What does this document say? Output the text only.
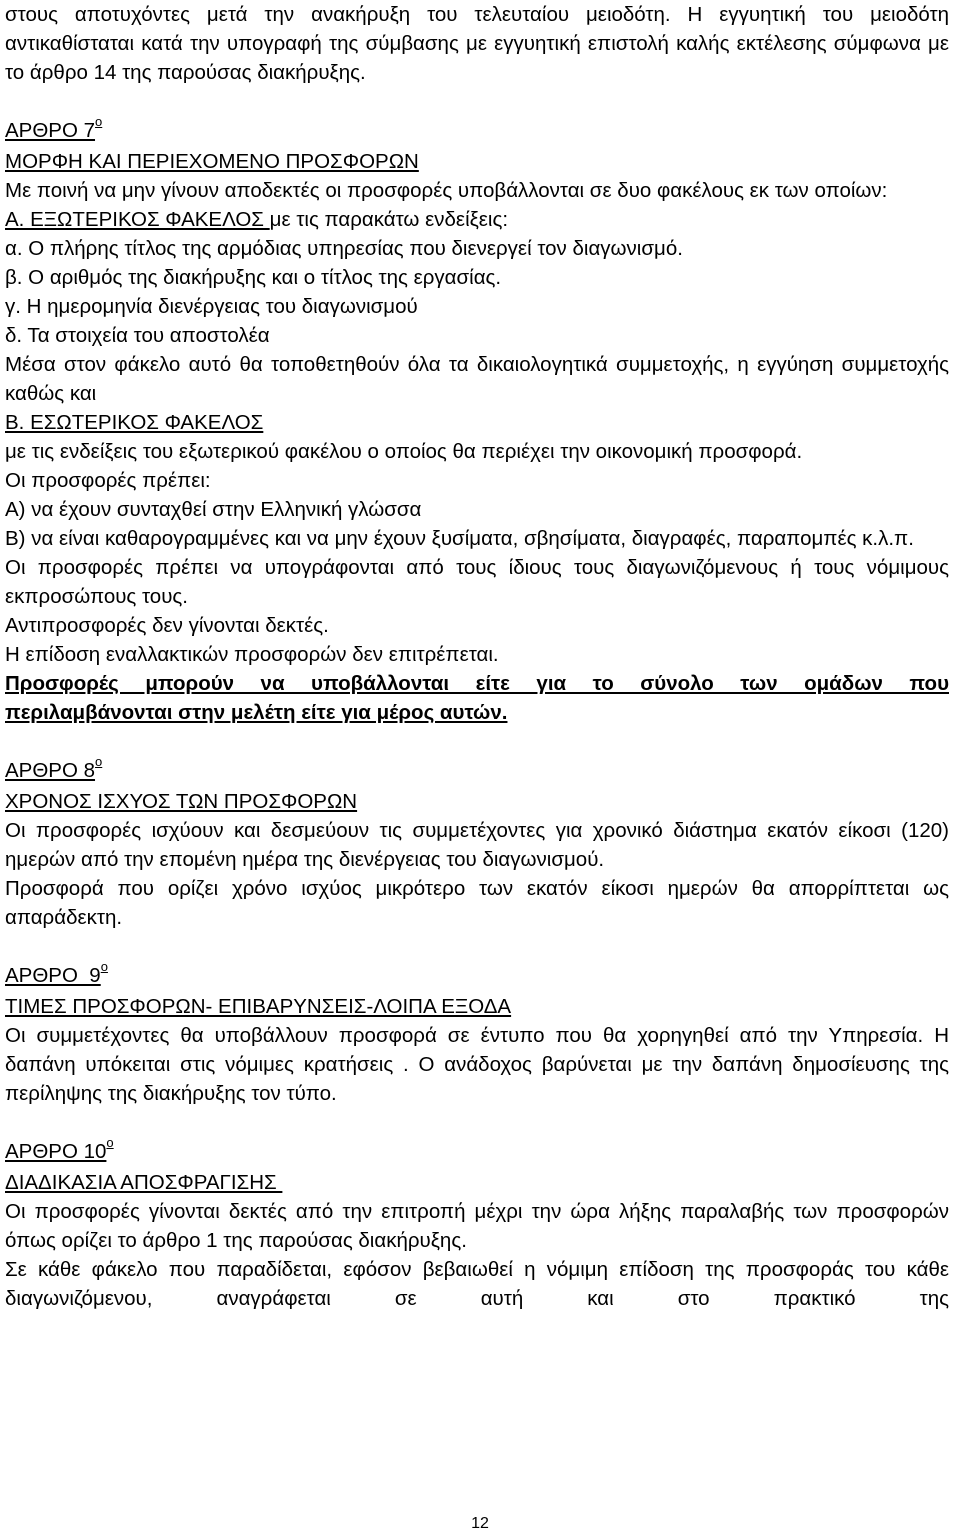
στους αποτυχόντες μετά την ανακήρυξη του τελευταίου μειοδότη. Η εγγυητική του μειοδότη αντικαθίσταται κατά την υπογραφή της σύμβασης με εγγυητική επιστολή καλής εκτέλεσης σύμφωνα με το άρθρο 14 της παρούσας διακήρυξης.

ΑΡΘΡΟ $7^o$

ΜΟΡΦΗ ΚΑΙ ΠΕΡΙΕΧΟΜΕΝΟ ΠΡΟΣΦΟΡΩΝ

Με ποινή να μην γίνουν αποδεκτές οι προσφορές υποβάλλονται σε δυο φακέλους εκ των οποίων:

Α. ΕΞΩΤΕΡΙΚΟΣ ΦΑΚΕΛΟΣ με τις παρακάτω ενδείξεις:

α. Ο πλήρης τίτλος της αρμόδιας υπηρεσίας που διενεργεί τον διαγωνισμό.

β. Ο αριθμός της διακήρυξης και ο τίτλος της εργασίας.

γ. Η ημερομηνία διενέργειας του διαγωνισμού

δ. Τα στοιχεία του αποστολέα

Μέσα στον φάκελο αυτό θα τοποθετηθούν όλα τα δικαιολογητικά συμμετοχής, η εγγύηση συμμετοχής καθώς και

Β. ΕΣΩΤΕΡΙΚΟΣ ΦΑΚΕΛΟΣ

με τις ενδείξεις του εξωτερικού φακέλου ο οποίος θα περιέχει την οικονομική προσφορά.

Οι προσφορές πρέπει:

Α) να έχουν συνταχθεί στην Ελληνική γλώσσα

Β) να είναι καθαρογραμμένες και να μην έχουν ξυσίματα, σβησίματα, διαγραφές, παραπομπές κ.λ.π.

Οι προσφορές πρέπει να υπογράφονται από τους ίδιους τους διαγωνιζόμενους ή τους νόμιμους εκπροσώπους τους.

Αντιπροσφορές δεν γίνονται δεκτές.

Η επίδοση εναλλακτικών προσφορών δεν επιτρέπεται.

Προσφορές μπορούν να υποβάλλονται είτε για το σύνολο των ομάδων που

περιλαμβάνονται στην μελέτη είτε για μέρος αυτών.

ΑΡΘΡΟ $8^o$

ΧΡΟΝΟΣ ΙΣΧΥΟΣ ΤΩΝ ΠΡΟΣΦΟΡΩΝ

Οι προσφορές ισχύουν και δεσμεύουν τις συμμετέχοντες για χρονικό διάστημα εκατόν είκοσι (120) ημερών από την επομένη ημέρα της διενέργειας του διαγωνισμού.

Προσφορά που ορίζει χρόνο ισχύος μικρότερο των εκατόν είκοσι ημερών θα απορρίπτεται ως απαράδεκτη.

ΑΡΘΡΟ  $9^o$

ΤΙΜΕΣ ΠΡΟΣΦΟΡΩΝ- ΕΠΙΒΑΡΥΝΣΕΙΣ-ΛΟΙΠΑ ΕΞΟΔΑ

Οι συμμετέχοντες θα υποβάλλουν προσφορά σε έντυπο που θα χορηγηθεί από την Υπηρεσία. Η δαπάνη υπόκειται στις νόμιμες κρατήσεις . Ο ανάδοχος βαρύνεται με την δαπάνη δημοσίευσης της περίληψης της διακήρυξης τον τύπο.

ΑΡΘΡΟ $10^o$

ΔΙΑΔΙΚΑΣΙΑ ΑΠΟΣΦΡΑΓΙΣΗΣ

Οι προσφορές γίνονται δεκτές από την επιτροπή μέχρι την ώρα λήξης παραλαβής των προσφορών όπως ορίζει το άρθρο 1 της παρούσας διακήρυξης.

Σε κάθε φάκελο που παραδίδεται, εφόσον βεβαιωθεί η νόμιμη επίδοση της προσφοράς του κάθε διαγωνιζόμενου, αναγράφεται σε αυτή και στο πρακτικό της

12
